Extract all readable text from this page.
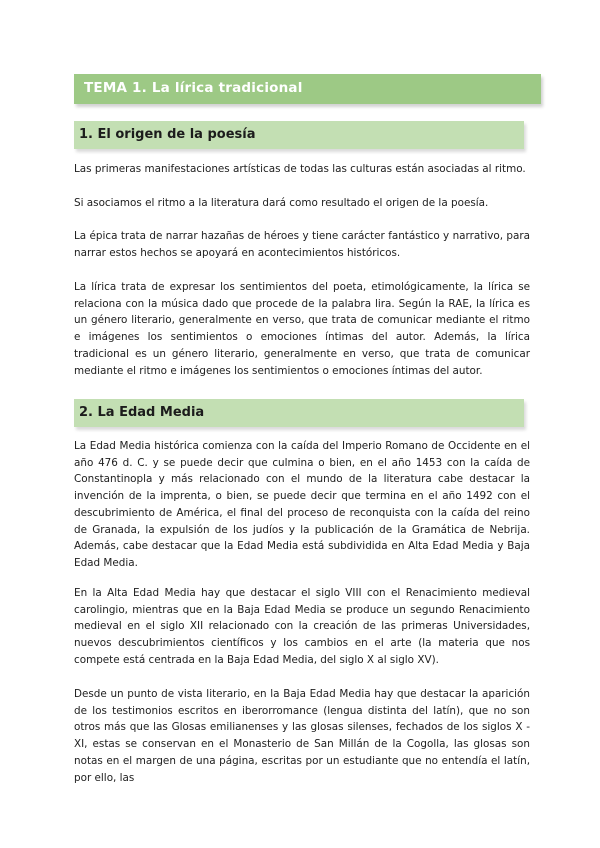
TEMA 1. La lírica tradicional
1. El origen de la poesía

Las primeras manifestaciones artísticas de todas las culturas están asociadas al ritmo.

Si asociamos el ritmo a la literatura dará como resultado el origen de la poesía.

La épica trata de narrar hazañas de héroes y tiene carácter fantástico y narrativo, para narrar estos hechos se apoyará en acontecimientos históricos.

La lírica trata de expresar los sentimientos del poeta, etimológicamente, la lírica se relaciona con la música dado que procede de la palabra lira. Según la RAE, la lírica es un género literario, generalmente en verso, que trata de comunicar mediante el ritmo e imágenes los sentimientos o emociones íntimas del autor. Además, la lírica tradicional es un género literario, generalmente en verso, que trata de comunicar mediante el ritmo e imágenes los sentimientos o emociones íntimas del autor.

2. La Edad Media

La Edad Media histórica comienza con la caída del Imperio Romano de Occidente en el año 476 d. C. y se puede decir que culmina o bien, en el año 1453 con la caída de Constantinopla y más relacionado con el mundo de la literatura cabe destacar la invención de la imprenta, o bien, se puede decir que termina en el año 1492 con el descubrimiento de América, el final del proceso de reconquista con la caída del reino de Granada, la expulsión de los judíos y la publicación de la Gramática de Nebrija. Además, cabe destacar que la Edad Media está subdividida en Alta Edad Media y Baja Edad Media.

En la Alta Edad Media hay que destacar el siglo VIII con el Renacimiento medieval carolingio, mientras que en la Baja Edad Media se produce un segundo Renacimiento medieval en el siglo XII relacionado con la creación de las primeras Universidades, nuevos descubrimientos científicos y los cambios en el arte (la materia que nos compete está centrada en la Baja Edad Media, del siglo X al siglo XV).

Desde un punto de vista literario, en la Baja Edad Media hay que destacar la aparición de los testimonios escritos en iberorromance (lengua distinta del latín), que no son otros más que las Glosas emilianenses y las glosas silenses, fechados de los siglos X - XI, estas se conservan en el Monasterio de San Millán de la Cogolla, las glosas son notas en el margen de una página, escritas por un estudiante que no entendía el latín, por ello, las
